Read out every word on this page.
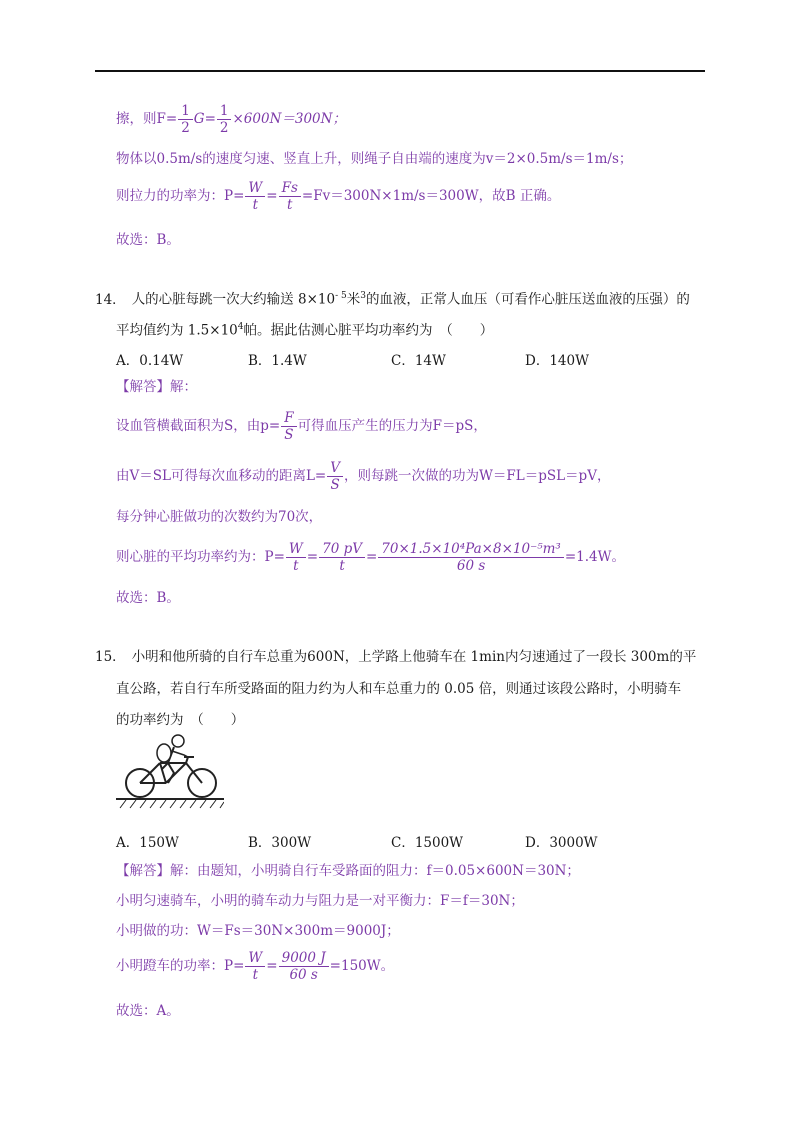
擦，则$F= \frac{1}{2} G= \frac{1}{2} \times 600N=300N$；
物体以0.5m/s的速度匀速、竖直上升，则绳子自由端的速度为v＝2×0.5m/s＝1m/s；
则拉力的功率为：$P= \frac{W}{t} = \frac{Fs}{t} =Fv=300N\times 1m/s=300W$，故B 正确。
故选：B。
14． 人的心脏每跳一次大约输送 $8\times 10^{- 5}$米$^3$的血液，正常人血压（可看作心脏压送血液的压强）的
平均值约为 $1.5\times 10^4$帕。据此估测心脏平均功率约为　（　　）
A．0.14W	B．1.4W	C．14W	D．140W
【解答】解：
设血管横截面积为S，由$p= \frac{F}{S}$ 可得血压产生的压力为F＝pS，
由V＝SL可得每次血移动的距离$L= \frac{V}{S}$ ，则每跳一次做的功为W＝FL＝pSL＝pV，
每分钟心脏做功的次数约为70次，
则心脏的平均功率约为：$P= \frac{W}{t} = \frac{70 pV}{t} = \frac{\text{70×1.5×10⁴Pa×8×10⁻⁵m³}}{60 s} =1.4W$。
故选：B。
15． 小明和他所骑的自行车总重为600N，上学路上他骑车在 1min内匀速通过了一段长 300m的平
直公路，若自行车所受路面的阻力约为人和车总重力的 0.05 倍，则通过该段公路时，小明骑车
的功率约为　（　　）
A．150W	B．300W	C．1500W	D．3000W
【解答】解：由题知，小明骑自行车受路面的阻力：f＝0.05×600N＝30N；
小明匀速骑车，小明的骑车动力与阻力是一对平衡力：F＝f＝30N；
小明做的功：W＝Fs＝30N×300m＝9000J；
小明蹬车的功率：$P= \frac{W}{t} = \frac{9000 J}{60 s} =150W$。
故选：A。
